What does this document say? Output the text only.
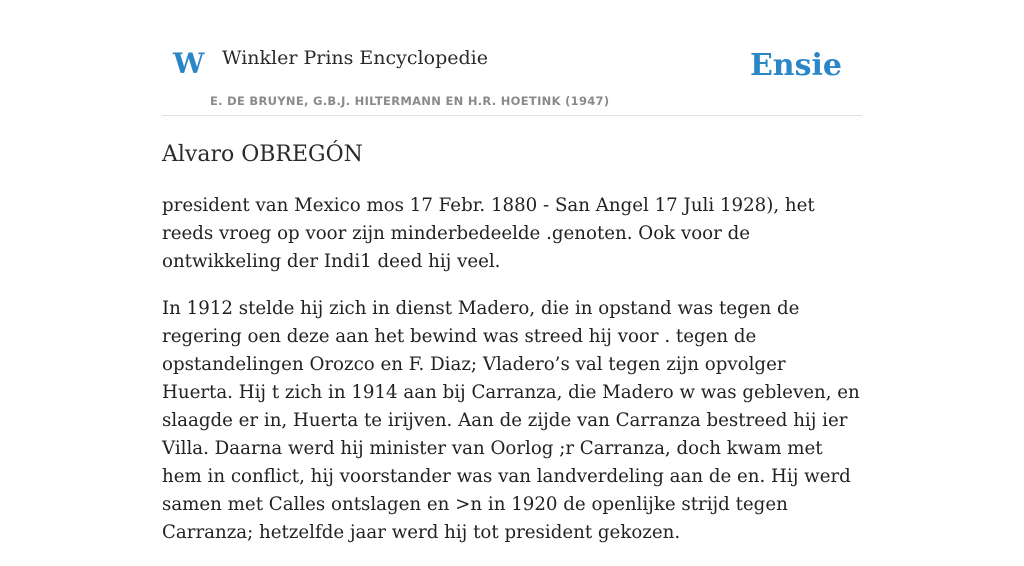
W Winkler Prins Encyclopedie
E. DE BRUYNE, G.B.J. HILTERMANN EN H.R. HOETINK (1947)
Ensie
Alvaro OBREGÓN

president van Mexico mos 17 Febr. 1880 - San Angel 17 Juli 1928), het reeds vroeg op voor zijn minderbedeelde .genoten. Ook voor de ontwikkeling der Indi1 deed hij veel.

In 1912 stelde hij zich in dienst Madero, die in opstand was tegen de regering oen deze aan het bewind was streed hij voor . tegen de opstandelingen Orozco en F. Diaz; Vladero’s val tegen zijn opvolger Huerta. Hij t zich in 1914 aan bij Carranza, die Madero w was gebleven, en slaagde er in, Huerta te irijven. Aan de zijde van Carranza bestreed hij ier Villa. Daarna werd hij minister van Oorlog ;r Carranza, doch kwam met hem in conflict, hij voorstander was van landverdeling aan de en. Hij werd samen met Calles ontslagen en >n in 1920 de openlijke strijd tegen Carranza; hetzelfde jaar werd hij tot president gekozen.
